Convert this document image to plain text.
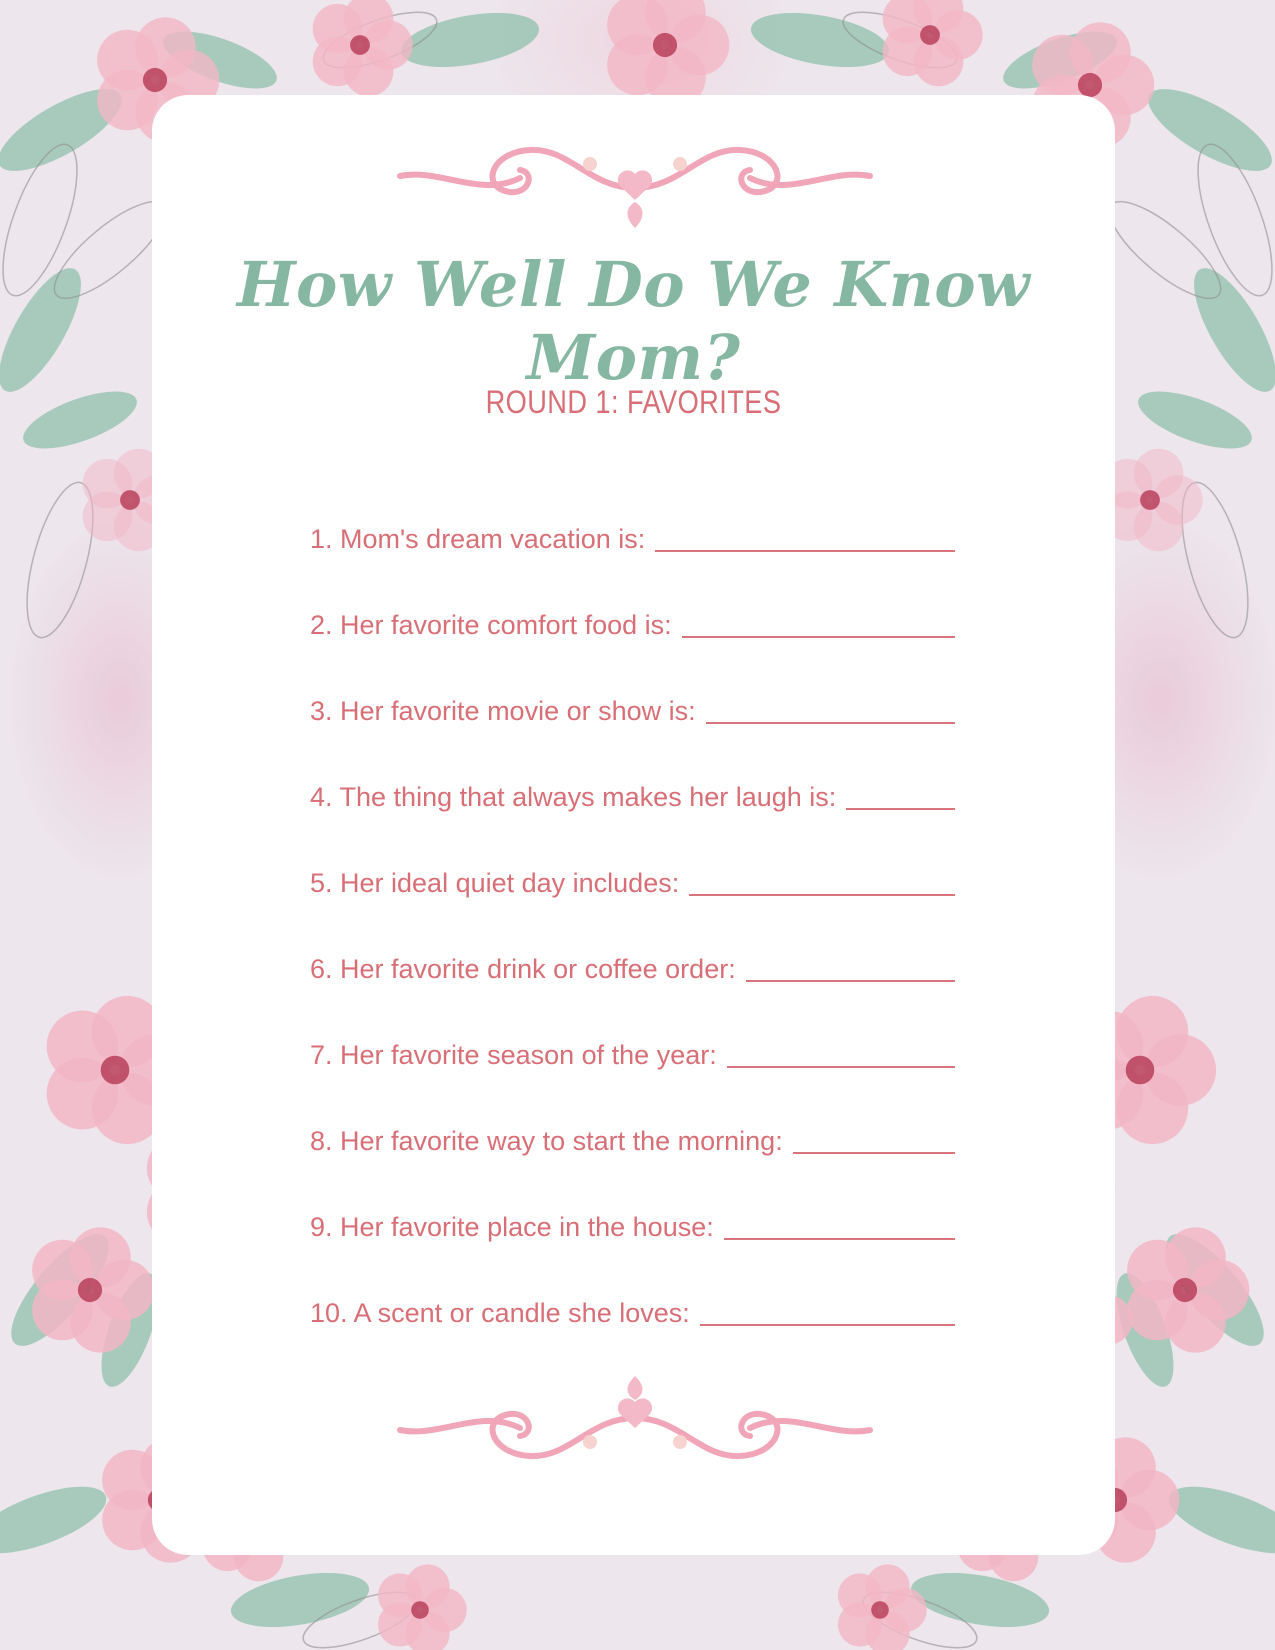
How Well Do We Know Mom?
ROUND 1: FAVORITES
1. Mom's dream vacation is:
2. Her favorite comfort food is:
3. Her favorite movie or show is:
4. The thing that always makes her laugh is:
5. Her ideal quiet day includes:
6. Her favorite drink or coffee order:
7. Her favorite season of the year:
8. Her favorite way to start the morning:
9. Her favorite place in the house:
10. A scent or candle she loves:
